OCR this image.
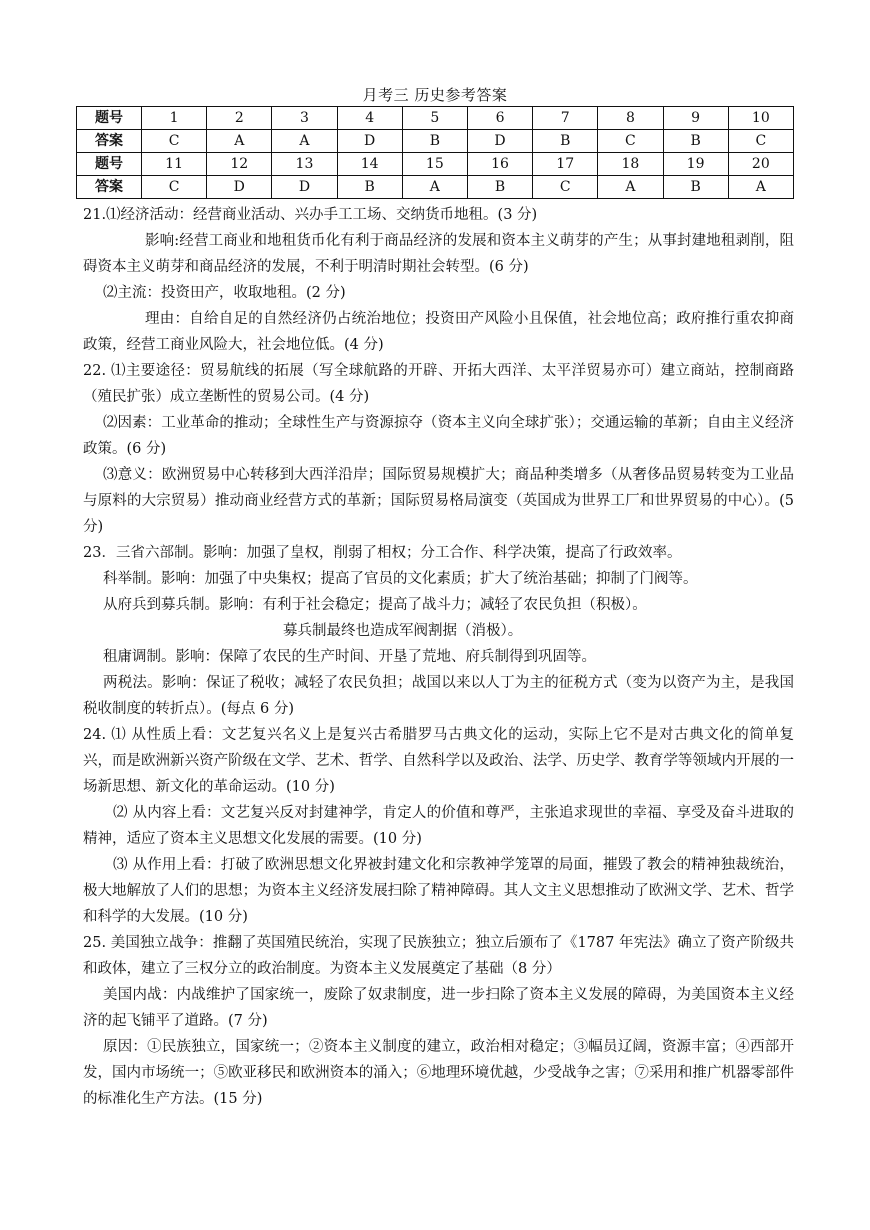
月考三 历史参考答案
题号	1	2	3	4	5	6	7	8	9	10
答案	C	A	A	D	B	D	B	C	B	C
题号	11	12	13	14	15	16	17	18	19	20
答案	C	D	D	B	A	B	C	A	B	A

21.⑴经济活动：经营商业活动、兴办手工工场、交纳货币地租。(3 分)

影响:经营工商业和地租货币化有利于商品经济的发展和资本主义萌芽的产生；从事封建地租剥削，阻碍资本主义萌芽和商品经济的发展，不利于明清时期社会转型。(6 分)

⑵主流：投资田产，收取地租。(2 分)

理由：自给自足的自然经济仍占统治地位；投资田产风险小且保值，社会地位高；政府推行重农抑商政策，经营工商业风险大，社会地位低。(4 分)

22. ⑴主要途径：贸易航线的拓展（写全球航路的开辟、开拓大西洋、太平洋贸易亦可）建立商站，控制商路（殖民扩张）成立垄断性的贸易公司。(4 分)

⑵因素：工业革命的推动；全球性生产与资源掠夺（资本主义向全球扩张）；交通运输的革新；自由主义经济政策。(6 分)

⑶意义：欧洲贸易中心转移到大西洋沿岸；国际贸易规模扩大；商品种类增多（从奢侈品贸易转变为工业品与原料的大宗贸易）推动商业经营方式的革新；国际贸易格局演变（英国成为世界工厂和世界贸易的中心）。(5 分)

23．三省六部制。影响：加强了皇权，削弱了相权；分工合作、科学决策，提高了行政效率。

科举制。影响：加强了中央集权；提高了官员的文化素质；扩大了统治基础；抑制了门阀等。

从府兵到募兵制。影响：有利于社会稳定；提高了战斗力；减轻了农民负担（积极）。

募兵制最终也造成军阀割据（消极）。

租庸调制。影响：保障了农民的生产时间、开垦了荒地、府兵制得到巩固等。

两税法。影响：保证了税收；减轻了农民负担；战国以来以人丁为主的征税方式（变为以资产为主，是我国税收制度的转折点）。(每点 6 分)

24. ⑴ 从性质上看：文艺复兴名义上是复兴古希腊罗马古典文化的运动，实际上它不是对古典文化的简单复兴，而是欧洲新兴资产阶级在文学、艺术、哲学、自然科学以及政治、法学、历史学、教育学等领域内开展的一场新思想、新文化的革命运动。(10 分)

⑵ 从内容上看：文艺复兴反对封建神学，肯定人的价值和尊严，主张追求现世的幸福、享受及奋斗进取的精神，适应了资本主义思想文化发展的需要。(10 分)

⑶ 从作用上看：打破了欧洲思想文化界被封建文化和宗教神学笼罩的局面，摧毁了教会的精神独裁统治，极大地解放了人们的思想；为资本主义经济发展扫除了精神障碍。其人文主义思想推动了欧洲文学、艺术、哲学和科学的大发展。(10 分)

25. 美国独立战争：推翻了英国殖民统治，实现了民族独立；独立后颁布了《1787 年宪法》确立了资产阶级共和政体，建立了三权分立的政治制度。为资本主义发展奠定了基础（8 分）

美国内战：内战维护了国家统一，废除了奴隶制度，进一步扫除了资本主义发展的障碍，为美国资本主义经济的起飞铺平了道路。(7 分)

原因：①民族独立，国家统一；②资本主义制度的建立，政治相对稳定；③幅员辽阔，资源丰富；④西部开发，国内市场统一；⑤欧亚移民和欧洲资本的涌入；⑥地理环境优越，少受战争之害；⑦采用和推广机器零部件的标准化生产方法。(15 分)
